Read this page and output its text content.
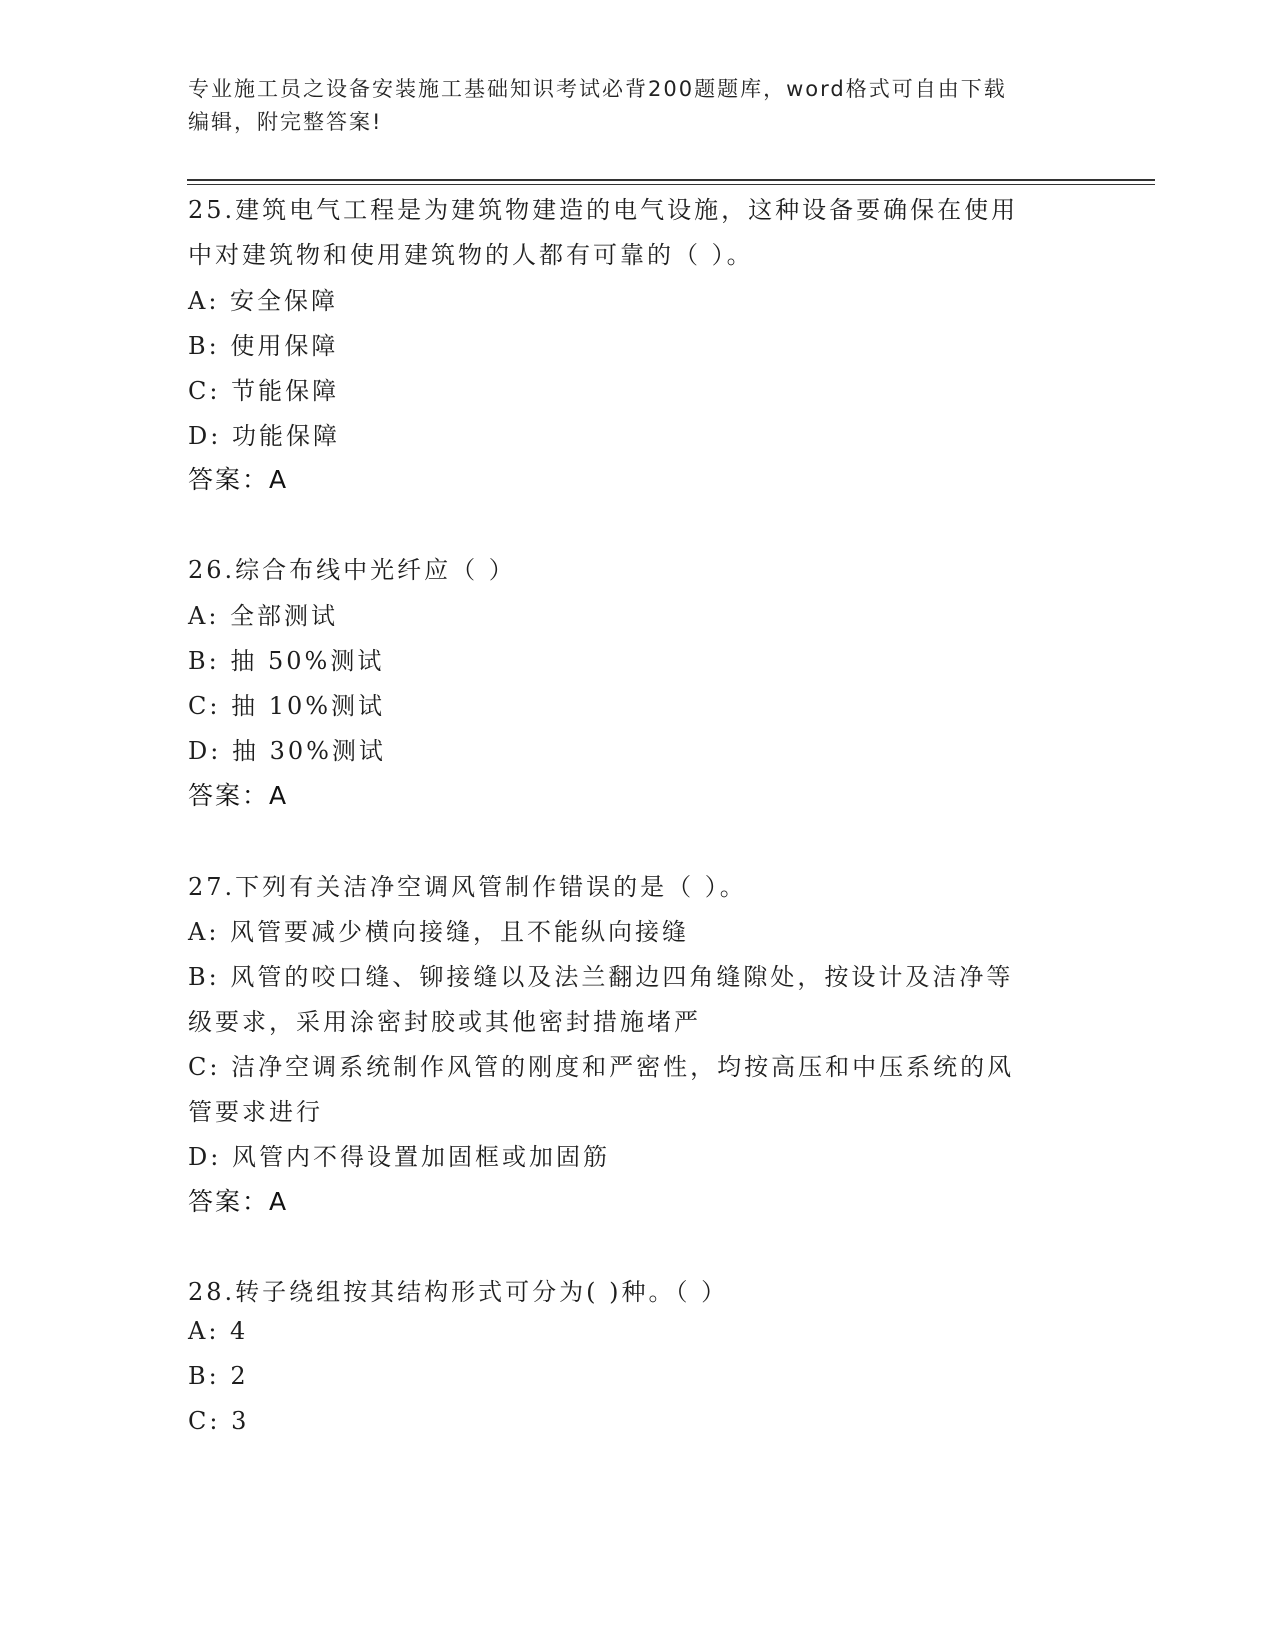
专业施工员之设备安装施工基础知识考试必背200题题库，word格式可自由下载
编辑，附完整答案!
25.建筑电气工程是为建筑物建造的电气设施，这种设备要确保在使用
中对建筑物和使用建筑物的人都有可靠的（ ）。
A: 安全保障
B: 使用保障
C: 节能保障
D: 功能保障
答案：A
26.综合布线中光纤应（ ）
A: 全部测试
B: 抽 50%测试
C: 抽 10%测试
D: 抽 30%测试
答案：A
27.下列有关洁净空调风管制作错误的是（ ）。
A: 风管要减少横向接缝，且不能纵向接缝
B: 风管的咬口缝、铆接缝以及法兰翻边四角缝隙处，按设计及洁净等
级要求，采用涂密封胶或其他密封措施堵严
C: 洁净空调系统制作风管的刚度和严密性，均按高压和中压系统的风
管要求进行
D: 风管内不得设置加固框或加固筋
答案：A
28.转子绕组按其结构形式可分为( )种。（ ）
A: 4
B: 2
C: 3
